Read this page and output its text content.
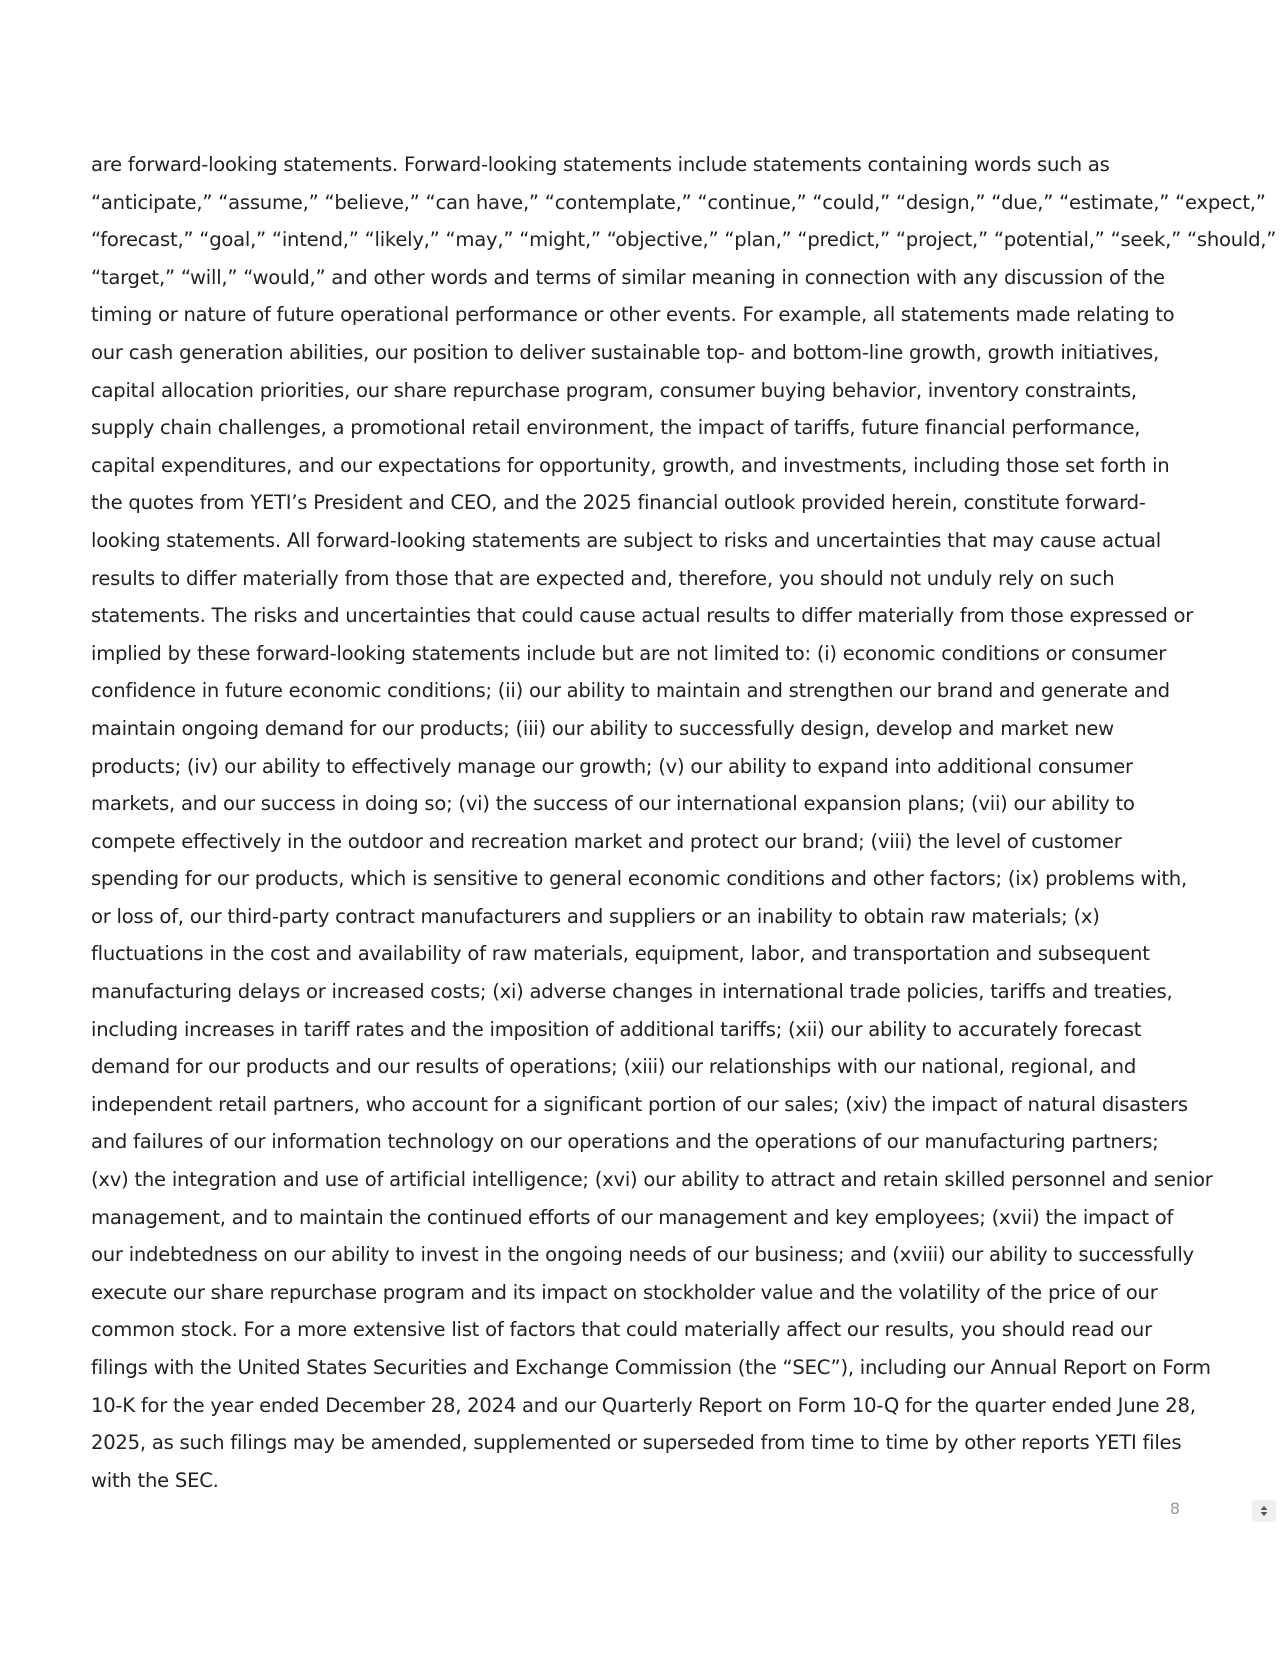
are forward-looking statements. Forward-looking statements include statements containing words such as
“anticipate,” “assume,” “believe,” “can have,” “contemplate,” “continue,” “could,” “design,” “due,” “estimate,” “expect,”
“forecast,” “goal,” “intend,” “likely,” “may,” “might,” “objective,” “plan,” “predict,” “project,” “potential,” “seek,” “should,”
“target,” “will,” “would,” and other words and terms of similar meaning in connection with any discussion of the
timing or nature of future operational performance or other events. For example, all statements made relating to
our cash generation abilities, our position to deliver sustainable top- and bottom-line growth, growth initiatives,
capital allocation priorities, our share repurchase program, consumer buying behavior, inventory constraints,
supply chain challenges, a promotional retail environment, the impact of tariffs, future financial performance,
capital expenditures, and our expectations for opportunity, growth, and investments, including those set forth in
the quotes from YETI’s President and CEO, and the 2025 financial outlook provided herein, constitute forward-
looking statements. All forward-looking statements are subject to risks and uncertainties that may cause actual
results to differ materially from those that are expected and, therefore, you should not unduly rely on such
statements. The risks and uncertainties that could cause actual results to differ materially from those expressed or
implied by these forward-looking statements include but are not limited to: (i) economic conditions or consumer
confidence in future economic conditions; (ii) our ability to maintain and strengthen our brand and generate and
maintain ongoing demand for our products; (iii) our ability to successfully design, develop and market new
products; (iv) our ability to effectively manage our growth; (v) our ability to expand into additional consumer
markets, and our success in doing so; (vi) the success of our international expansion plans; (vii) our ability to
compete effectively in the outdoor and recreation market and protect our brand; (viii) the level of customer
spending for our products, which is sensitive to general economic conditions and other factors; (ix) problems with,
or loss of, our third-party contract manufacturers and suppliers or an inability to obtain raw materials; (x)
fluctuations in the cost and availability of raw materials, equipment, labor, and transportation and subsequent
manufacturing delays or increased costs; (xi) adverse changes in international trade policies, tariffs and treaties,
including increases in tariff rates and the imposition of additional tariffs; (xii) our ability to accurately forecast
demand for our products and our results of operations; (xiii) our relationships with our national, regional, and
independent retail partners, who account for a significant portion of our sales; (xiv) the impact of natural disasters
and failures of our information technology on our operations and the operations of our manufacturing partners;
(xv) the integration and use of artificial intelligence; (xvi) our ability to attract and retain skilled personnel and senior
management, and to maintain the continued efforts of our management and key employees; (xvii) the impact of
our indebtedness on our ability to invest in the ongoing needs of our business; and (xviii) our ability to successfully
execute our share repurchase program and its impact on stockholder value and the volatility of the price of our
common stock. For a more extensive list of factors that could materially affect our results, you should read our
filings with the United States Securities and Exchange Commission (the “SEC”), including our Annual Report on Form
10-K for the year ended December 28, 2024 and our Quarterly Report on Form 10-Q for the quarter ended June 28,
2025, as such filings may be amended, supplemented or superseded from time to time by other reports YETI files
with the SEC.
8
